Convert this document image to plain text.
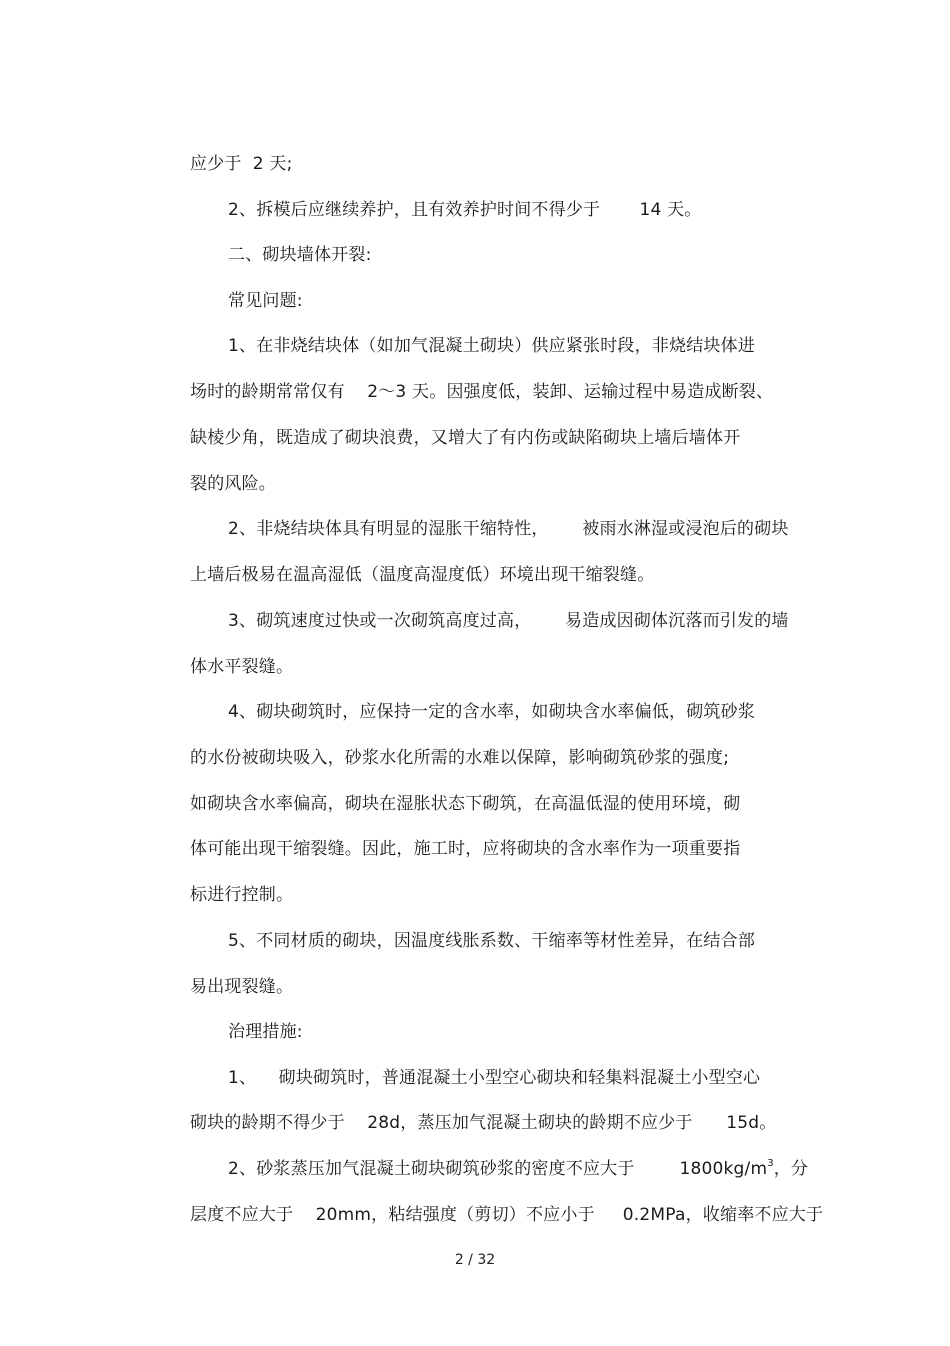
应少于  2 天;
2、拆模后应继续养护，且有效养护时间不得少于       14 天。
二、砌块墙体开裂:
常见问题:
1、在非烧结块体（如加气混凝土砌块）供应紧张时段，非烧结块体进
场时的龄期常常仅有    2～3 天。因强度低，装卸、运输过程中易造成断裂、
缺棱少角，既造成了砌块浪费，又增大了有内伤或缺陷砌块上墙后墙体开
裂的风险。
2、非烧结块体具有明显的湿胀干缩特性，      被雨水淋湿或浸泡后的砌块
上墙后极易在温高湿低（温度高湿度低）环境出现干缩裂缝。
3、砌筑速度过快或一次砌筑高度过高，      易造成因砌体沉落而引发的墙
体水平裂缝。
4、砌块砌筑时，应保持一定的含水率，如砌块含水率偏低，砌筑砂浆
的水份被砌块吸入，砂浆水化所需的水难以保障，影响砌筑砂浆的强度;
如砌块含水率偏高，砌块在湿胀状态下砌筑，在高温低湿的使用环境，砌
体可能出现干缩裂缝。因此，施工时，应将砌块的含水率作为一项重要指
标进行控制。
5、不同材质的砌块，因温度线胀系数、干缩率等材性差异，在结合部
易出现裂缝。
治理措施:
1、    砌块砌筑时，普通混凝土小型空心砌块和轻集料混凝土小型空心
砌块的龄期不得少于    28d，蒸压加气混凝土砌块的龄期不应少于      15d。
2、砂浆蒸压加气混凝土砌块砌筑砂浆的密度不应大于        $1800kg/m^3$，分
层度不应大于    20mm，粘结强度（剪切）不应小于     0.2MPa，收缩率不应大于
2 / 32
